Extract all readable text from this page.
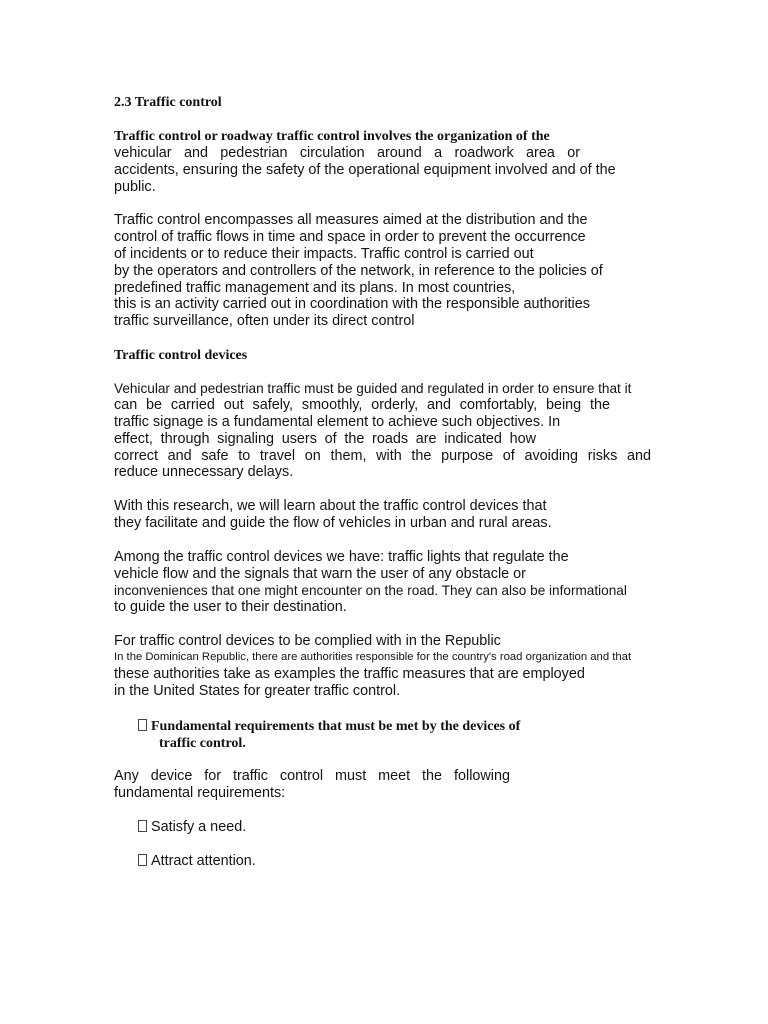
2.3 Traffic control
Traffic control or roadway traffic control involves the organization of the
vehicular and pedestrian circulation around a roadwork area or
accidents, ensuring the safety of the operational equipment involved and of the
public.
Traffic control encompasses all measures aimed at the distribution and the
control of traffic flows in time and space in order to prevent the occurrence
of incidents or to reduce their impacts. Traffic control is carried out
by the operators and controllers of the network, in reference to the policies of
predefined traffic management and its plans. In most countries,
this is an activity carried out in coordination with the responsible authorities
traffic surveillance, often under its direct control
Traffic control devices
Vehicular and pedestrian traffic must be guided and regulated in order to ensure that it
can be carried out safely, smoothly, orderly, and comfortably, being the
traffic signage is a fundamental element to achieve such objectives. In
effect, through signaling users of the roads are indicated how
correct and safe to travel on them, with the purpose of avoiding risks and
reduce unnecessary delays.
With this research, we will learn about the traffic control devices that
they facilitate and guide the flow of vehicles in urban and rural areas.
Among the traffic control devices we have: traffic lights that regulate the
vehicle flow and the signals that warn the user of any obstacle or
inconveniences that one might encounter on the road. They can also be informational
to guide the user to their destination.
For traffic control devices to be complied with in the Republic
In the Dominican Republic, there are authorities responsible for the country's road organization and that
these authorities take as examples the traffic measures that are employed
in the United States for greater traffic control.
Fundamental requirements that must be met by the devices of
traffic control.
Any device for traffic control must meet the following
fundamental requirements:
Satisfy a need.
Attract attention.
